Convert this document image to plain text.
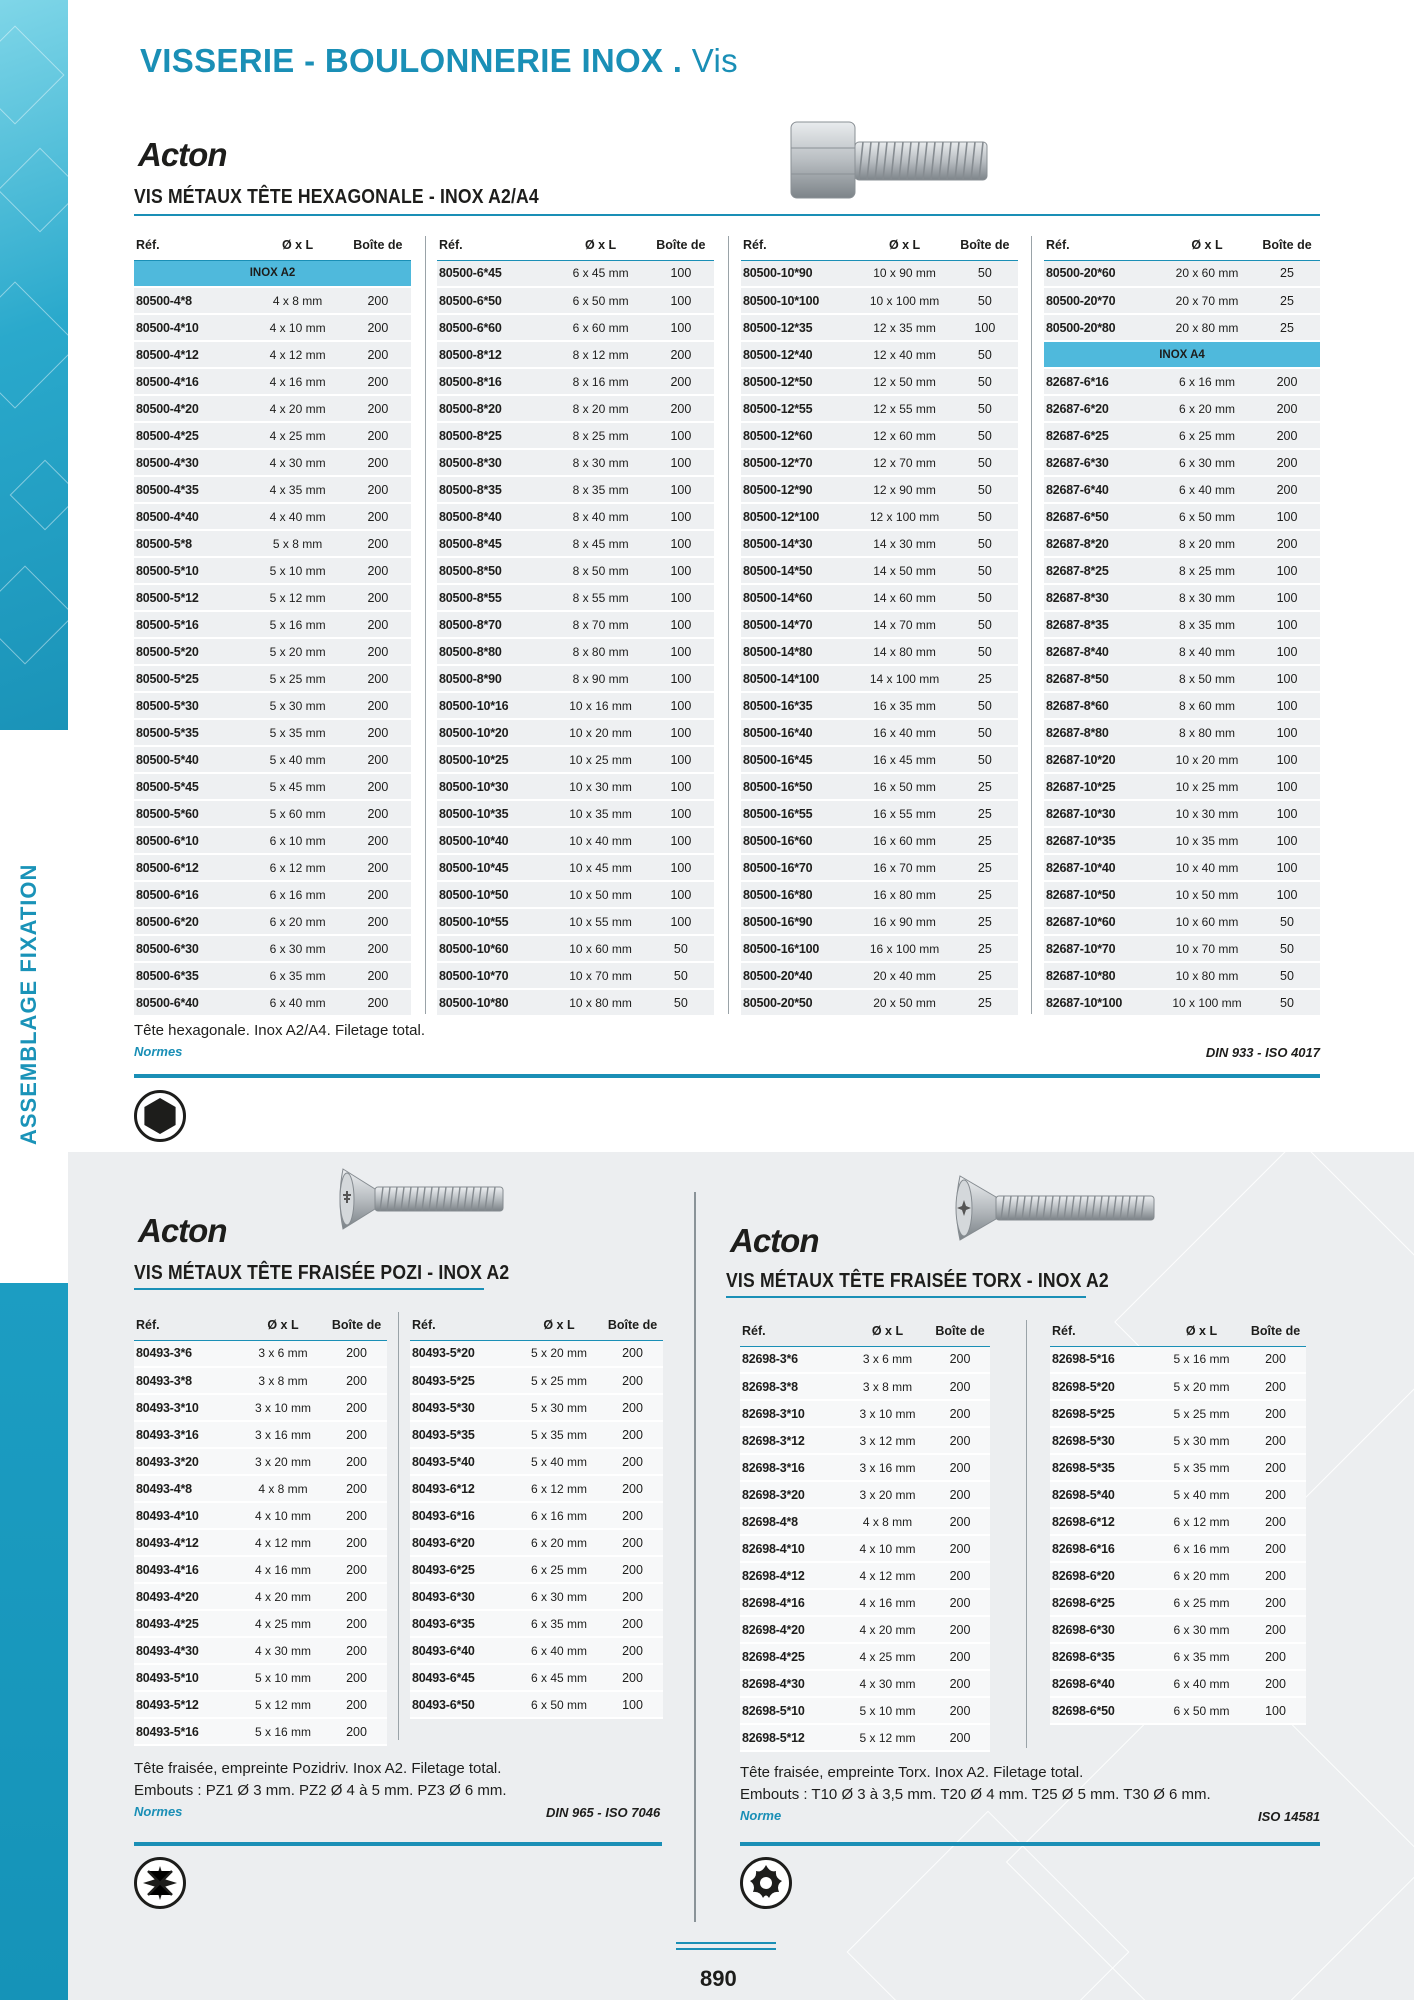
ASSEMBLAGE FIXATION
VISSERIE - BOULONNERIE INOX . Vis
Acton
VIS MÉTAUX TÊTE HEXAGONALE - INOX A2/A4
Réf.	Ø x L	Boîte de
INOX A2		
80500-4*8	4 x 8 mm	200
80500-4*10	4 x 10 mm	200
80500-4*12	4 x 12 mm	200
80500-4*16	4 x 16 mm	200
80500-4*20	4 x 20 mm	200
80500-4*25	4 x 25 mm	200
80500-4*30	4 x 30 mm	200
80500-4*35	4 x 35 mm	200
80500-4*40	4 x 40 mm	200
80500-5*8	5 x 8 mm	200
80500-5*10	5 x 10 mm	200
80500-5*12	5 x 12 mm	200
80500-5*16	5 x 16 mm	200
80500-5*20	5 x 20 mm	200
80500-5*25	5 x 25 mm	200
80500-5*30	5 x 30 mm	200
80500-5*35	5 x 35 mm	200
80500-5*40	5 x 40 mm	200
80500-5*45	5 x 45 mm	200
80500-5*60	5 x 60 mm	200
80500-6*10	6 x 10 mm	200
80500-6*12	6 x 12 mm	200
80500-6*16	6 x 16 mm	200
80500-6*20	6 x 20 mm	200
80500-6*30	6 x 30 mm	200
80500-6*35	6 x 35 mm	200
80500-6*40	6 x 40 mm	200
Réf.	Ø x L	Boîte de
80500-6*45	6 x 45 mm	100
80500-6*50	6 x 50 mm	100
80500-6*60	6 x 60 mm	100
80500-8*12	8 x 12 mm	200
80500-8*16	8 x 16 mm	200
80500-8*20	8 x 20 mm	200
80500-8*25	8 x 25 mm	100
80500-8*30	8 x 30 mm	100
80500-8*35	8 x 35 mm	100
80500-8*40	8 x 40 mm	100
80500-8*45	8 x 45 mm	100
80500-8*50	8 x 50 mm	100
80500-8*55	8 x 55 mm	100
80500-8*70	8 x 70 mm	100
80500-8*80	8 x 80 mm	100
80500-8*90	8 x 90 mm	100
80500-10*16	10 x 16 mm	100
80500-10*20	10 x 20 mm	100
80500-10*25	10 x 25 mm	100
80500-10*30	10 x 30 mm	100
80500-10*35	10 x 35 mm	100
80500-10*40	10 x 40 mm	100
80500-10*45	10 x 45 mm	100
80500-10*50	10 x 50 mm	100
80500-10*55	10 x 55 mm	100
80500-10*60	10 x 60 mm	50
80500-10*70	10 x 70 mm	50
80500-10*80	10 x 80 mm	50
Réf.	Ø x L	Boîte de
80500-10*90	10 x 90 mm	50
80500-10*100	10 x 100 mm	50
80500-12*35	12 x 35 mm	100
80500-12*40	12 x 40 mm	50
80500-12*50	12 x 50 mm	50
80500-12*55	12 x 55 mm	50
80500-12*60	12 x 60 mm	50
80500-12*70	12 x 70 mm	50
80500-12*90	12 x 90 mm	50
80500-12*100	12 x 100 mm	50
80500-14*30	14 x 30 mm	50
80500-14*50	14 x 50 mm	50
80500-14*60	14 x 60 mm	50
80500-14*70	14 x 70 mm	50
80500-14*80	14 x 80 mm	50
80500-14*100	14 x 100 mm	25
80500-16*35	16 x 35 mm	50
80500-16*40	16 x 40 mm	50
80500-16*45	16 x 45 mm	50
80500-16*50	16 x 50 mm	25
80500-16*55	16 x 55 mm	25
80500-16*60	16 x 60 mm	25
80500-16*70	16 x 70 mm	25
80500-16*80	16 x 80 mm	25
80500-16*90	16 x 90 mm	25
80500-16*100	16 x 100 mm	25
80500-20*40	20 x 40 mm	25
80500-20*50	20 x 50 mm	25
Réf.	Ø x L	Boîte de
80500-20*60	20 x 60 mm	25
80500-20*70	20 x 70 mm	25
80500-20*80	20 x 80 mm	25
INOX A4		
82687-6*16	6 x 16 mm	200
82687-6*20	6 x 20 mm	200
82687-6*25	6 x 25 mm	200
82687-6*30	6 x 30 mm	200
82687-6*40	6 x 40 mm	200
82687-6*50	6 x 50 mm	100
82687-8*20	8 x 20 mm	200
82687-8*25	8 x 25 mm	100
82687-8*30	8 x 30 mm	100
82687-8*35	8 x 35 mm	100
82687-8*40	8 x 40 mm	100
82687-8*50	8 x 50 mm	100
82687-8*60	8 x 60 mm	100
82687-8*80	8 x 80 mm	100
82687-10*20	10 x 20 mm	100
82687-10*25	10 x 25 mm	100
82687-10*30	10 x 30 mm	100
82687-10*35	10 x 35 mm	100
82687-10*40	10 x 40 mm	100
82687-10*50	10 x 50 mm	100
82687-10*60	10 x 60 mm	50
82687-10*70	10 x 70 mm	50
82687-10*80	10 x 80 mm	50
82687-10*100	10 x 100 mm	50
Tête hexagonale. Inox A2/A4. Filetage total.
Normes	DIN 933 - ISO 4017
Acton
VIS MÉTAUX TÊTE FRAISÉE POZI - INOX A2
Réf.	Ø x L	Boîte de
80493-3*6	3 x 6 mm	200
80493-3*8	3 x 8 mm	200
80493-3*10	3 x 10 mm	200
80493-3*16	3 x 16 mm	200
80493-3*20	3 x 20 mm	200
80493-4*8	4 x 8 mm	200
80493-4*10	4 x 10 mm	200
80493-4*12	4 x 12 mm	200
80493-4*16	4 x 16 mm	200
80493-4*20	4 x 20 mm	200
80493-4*25	4 x 25 mm	200
80493-4*30	4 x 30 mm	200
80493-5*10	5 x 10 mm	200
80493-5*12	5 x 12 mm	200
80493-5*16	5 x 16 mm	200
Réf.	Ø x L	Boîte de
80493-5*20	5 x 20 mm	200
80493-5*25	5 x 25 mm	200
80493-5*30	5 x 30 mm	200
80493-5*35	5 x 35 mm	200
80493-5*40	5 x 40 mm	200
80493-6*12	6 x 12 mm	200
80493-6*16	6 x 16 mm	200
80493-6*20	6 x 20 mm	200
80493-6*25	6 x 25 mm	200
80493-6*30	6 x 30 mm	200
80493-6*35	6 x 35 mm	200
80493-6*40	6 x 40 mm	200
80493-6*45	6 x 45 mm	200
80493-6*50	6 x 50 mm	100
Tête fraisée, empreinte Pozidriv. Inox A2. Filetage total.
Embouts : PZ1 Ø 3 mm. PZ2 Ø 4 à 5 mm. PZ3 Ø 6 mm.
Normes	DIN 965 - ISO 7046
Acton
VIS MÉTAUX TÊTE FRAISÉE TORX - INOX A2
Réf.	Ø x L	Boîte de
82698-3*6	3 x 6 mm	200
82698-3*8	3 x 8 mm	200
82698-3*10	3 x 10 mm	200
82698-3*12	3 x 12 mm	200
82698-3*16	3 x 16 mm	200
82698-3*20	3 x 20 mm	200
82698-4*8	4 x 8 mm	200
82698-4*10	4 x 10 mm	200
82698-4*12	4 x 12 mm	200
82698-4*16	4 x 16 mm	200
82698-4*20	4 x 20 mm	200
82698-4*25	4 x 25 mm	200
82698-4*30	4 x 30 mm	200
82698-5*10	5 x 10 mm	200
82698-5*12	5 x 12 mm	200
Réf.	Ø x L	Boîte de
82698-5*16	5 x 16 mm	200
82698-5*20	5 x 20 mm	200
82698-5*25	5 x 25 mm	200
82698-5*30	5 x 30 mm	200
82698-5*35	5 x 35 mm	200
82698-5*40	5 x 40 mm	200
82698-6*12	6 x 12 mm	200
82698-6*16	6 x 16 mm	200
82698-6*20	6 x 20 mm	200
82698-6*25	6 x 25 mm	200
82698-6*30	6 x 30 mm	200
82698-6*35	6 x 35 mm	200
82698-6*40	6 x 40 mm	200
82698-6*50	6 x 50 mm	100
Tête fraisée, empreinte Torx. Inox A2. Filetage total.
Embouts : T10 Ø 3 à 3,5 mm. T20 Ø 4 mm. T25 Ø 5 mm. T30 Ø 6 mm.
Norme	ISO 14581
890
